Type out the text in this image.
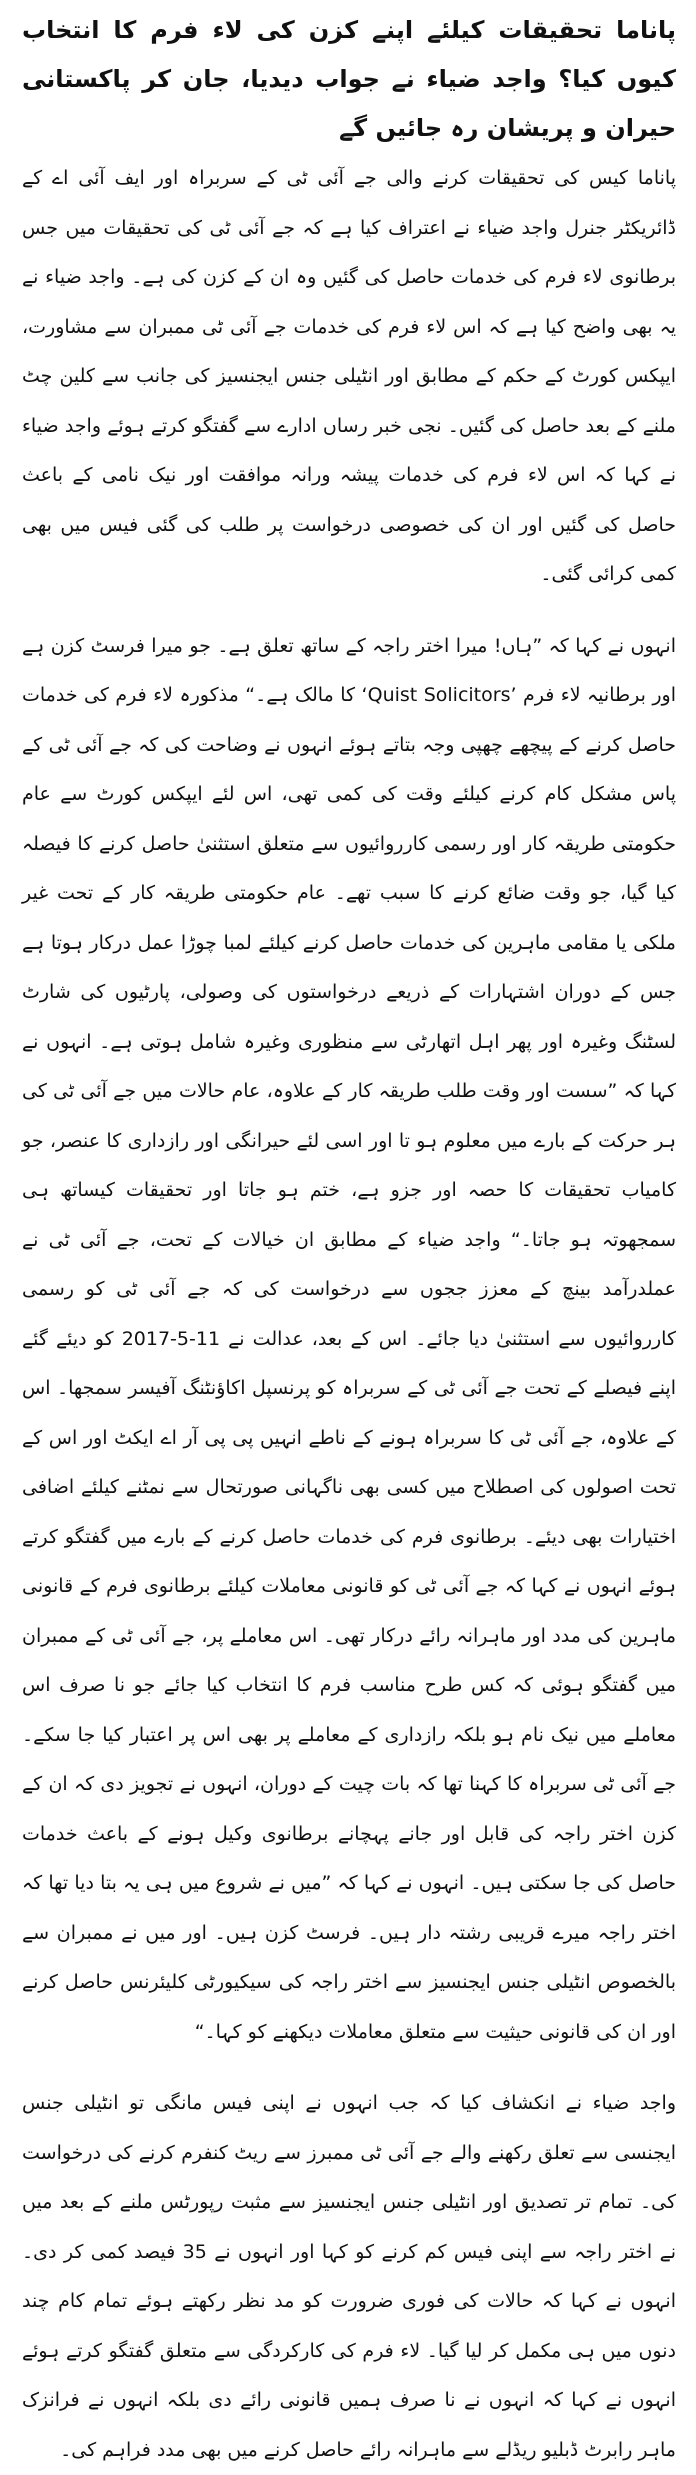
پاناما تحقیقات کیلئے اپنے کزن کی لاء فرم کا انتخاب کیوں کیا؟ واجد ضیاء نے جواب دیدیا، جان کر پاکستانی حیران و پریشان رہ جائیں گے

پاناما کیس کی تحقیقات کرنے والی جے آئی ٹی کے سربراہ اور ایف آئی اے کے ڈائریکٹر جنرل واجد ضیاء نے اعتراف کیا ہے کہ جے آئی ٹی کی تحقیقات میں جس برطانوی لاء فرم کی خدمات حاصل کی گئیں وہ ان کے کزن کی ہے۔ واجد ضیاء نے یہ بھی واضح کیا ہے کہ اس لاء فرم کی خدمات جے آئی ٹی ممبران سے مشاورت، ایپکس کورٹ کے حکم کے مطابق اور انٹیلی جنس ایجنسیز کی جانب سے کلین چٹ ملنے کے بعد حاصل کی گئیں۔ نجی خبر رساں ادارے سے گفتگو کرتے ہوئے واجد ضیاء نے کہا کہ اس لاء فرم کی خدمات پیشہ ورانہ موافقت اور نیک نامی کے باعث حاصل کی گئیں اور ان کی خصوصی درخواست پر طلب کی گئی فیس میں بھی کمی کرائی گئی۔

انہوں نے کہا کہ ”ہاں! میرا اختر راجہ کے ساتھ تعلق ہے۔ جو میرا فرسٹ کزن ہے اور برطانیہ لاء فرم ’Quist Solicitors‘ کا مالک ہے۔“ مذکورہ لاء فرم کی خدمات حاصل کرنے کے پیچھے چھپی وجہ بتاتے ہوئے انہوں نے وضاحت کی کہ جے آئی ٹی کے پاس مشکل کام کرنے کیلئے وقت کی کمی تھی، اس لئے ایپکس کورٹ سے عام حکومتی طریقہ کار اور رسمی کارروائیوں سے متعلق استثنیٰ حاصل کرنے کا فیصلہ کیا گیا، جو وقت ضائع کرنے کا سبب تھے۔ عام حکومتی طریقہ کار کے تحت غیر ملکی یا مقامی ماہرین کی خدمات حاصل کرنے کیلئے لمبا چوڑا عمل درکار ہوتا ہے جس کے دوران اشتہارات کے ذریعے درخواستوں کی وصولی، پارٹیوں کی شارٹ لسٹنگ وغیرہ اور پھر اہل اتھارٹی سے منظوری وغیرہ شامل ہوتی ہے۔ انہوں نے کہا کہ ”سست اور وقت طلب طریقہ کار کے علاوہ، عام حالات میں جے آئی ٹی کی ہر حرکت کے بارے میں معلوم ہو تا اور اسی لئے حیرانگی اور رازداری کا عنصر، جو کامیاب تحقیقات کا حصہ اور جزو ہے، ختم ہو جاتا اور تحقیقات کیساتھ ہی سمجھوتہ ہو جاتا۔“ واجد ضیاء کے مطابق ان خیالات کے تحت، جے آئی ٹی نے عملدرآمد بینچ کے معزز ججوں سے درخواست کی کہ جے آئی ٹی کو رسمی کارروائیوں سے استثنیٰ دیا جائے۔ اس کے بعد، عدالت نے 11-5-2017 کو دیئے گئے اپنے فیصلے کے تحت جے آئی ٹی کے سربراہ کو پرنسپل اکاؤنٹنگ آفیسر سمجھا۔ اس کے علاوہ، جے آئی ٹی کا سربراہ ہونے کے ناطے انہیں پی پی آر اے ایکٹ اور اس کے تحت اصولوں کی اصطلاح میں کسی بھی ناگہانی صورتحال سے نمٹنے کیلئے اضافی اختیارات بھی دیئے۔ برطانوی فرم کی خدمات حاصل کرنے کے بارے میں گفتگو کرتے ہوئے انہوں نے کہا کہ جے آئی ٹی کو قانونی معاملات کیلئے برطانوی فرم کے قانونی ماہرین کی مدد اور ماہرانہ رائے درکار تھی۔ اس معاملے پر، جے آئی ٹی کے ممبران میں گفتگو ہوئی کہ کس طرح مناسب فرم کا انتخاب کیا جائے جو نا صرف اس معاملے میں نیک نام ہو بلکہ رازداری کے معاملے پر بھی اس پر اعتبار کیا جا سکے۔ جے آئی ٹی سربراہ کا کہنا تھا کہ بات چیت کے دوران، انہوں نے تجویز دی کہ ان کے کزن اختر راجہ کی قابل اور جانے پہچانے برطانوی وکیل ہونے کے باعث خدمات حاصل کی جا سکتی ہیں۔ انہوں نے کہا کہ ”میں نے شروع میں ہی یہ بتا دیا تھا کہ اختر راجہ میرے قریبی رشتہ دار ہیں۔ فرسٹ کزن ہیں۔ اور میں نے ممبران سے بالخصوص انٹیلی جنس ایجنسیز سے اختر راجہ کی سیکیورٹی کلیئرنس حاصل کرنے اور ان کی قانونی حیثیت سے متعلق معاملات دیکھنے کو کہا۔“

واجد ضیاء نے انکشاف کیا کہ جب انہوں نے اپنی فیس مانگی تو انٹیلی جنس ایجنسی سے تعلق رکھنے والے جے آئی ٹی ممبرز سے ریٹ کنفرم کرنے کی درخواست کی۔ تمام تر تصدیق اور انٹیلی جنس ایجنسیز سے مثبت رپورٹس ملنے کے بعد میں نے اختر راجہ سے اپنی فیس کم کرنے کو کہا اور انہوں نے 35 فیصد کمی کر دی۔ انہوں نے کہا کہ حالات کی فوری ضرورت کو مد نظر رکھتے ہوئے تمام کام چند دنوں میں ہی مکمل کر لیا گیا۔ لاء فرم کی کارکردگی سے متعلق گفتگو کرتے ہوئے انہوں نے کہا کہ انہوں نے نا صرف ہمیں قانونی رائے دی بلکہ انہوں نے فرانزک ماہر رابرٹ ڈبلیو ریڈلے سے ماہرانہ رائے حاصل کرنے میں بھی مدد فراہم کی۔
